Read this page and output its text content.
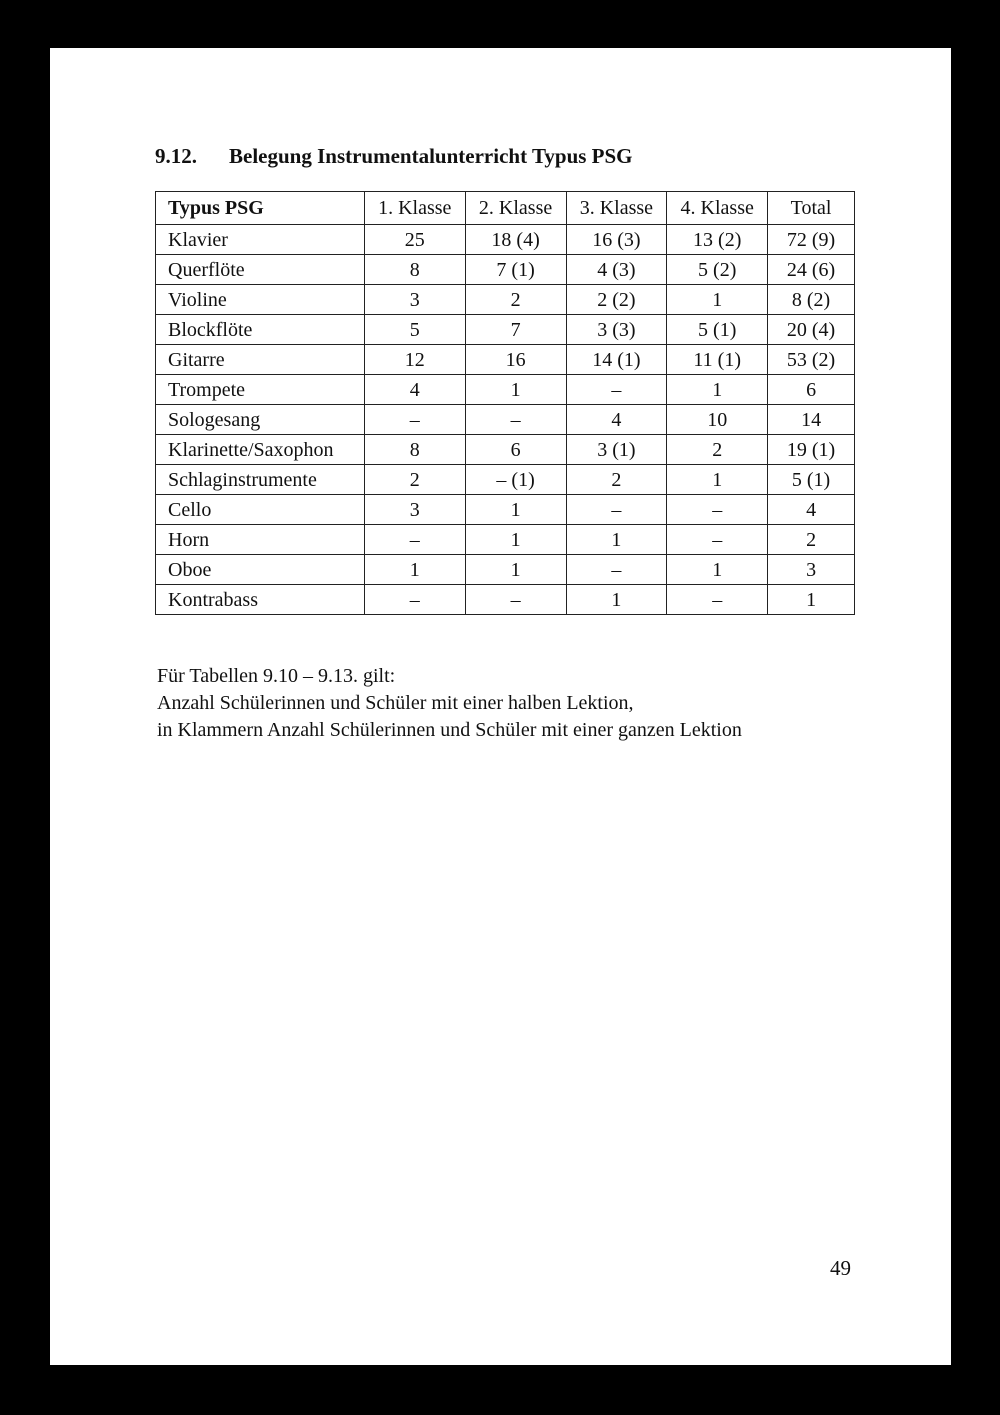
9.12. Belegung Instrumentalunterricht Typus PSG
Typus PSG	1. Klasse	2. Klasse	3. Klasse	4. Klasse	Total
Klavier	25	18 (4)	16 (3)	13 (2)	72 (9)
Querflöte	8	7 (1)	4 (3)	5 (2)	24 (6)
Violine	3	2	2 (2)	1	8 (2)
Blockflöte	5	7	3 (3)	5 (1)	20 (4)
Gitarre	12	16	14 (1)	11 (1)	53 (2)
Trompete	4	1	–	1	6
Sologesang	–	–	4	10	14
Klarinette/Saxophon	8	6	3 (1)	2	19 (1)
Schlaginstrumente	2	– (1)	2	1	5 (1)
Cello	3	1	–	–	4
Horn	–	1	1	–	2
Oboe	1	1	–	1	3
Kontrabass	–	–	1	–	1
Für Tabellen 9.10 – 9.13. gilt:
Anzahl Schülerinnen und Schüler mit einer halben Lektion,
in Klammern Anzahl Schülerinnen und Schüler mit einer ganzen Lektion
49
